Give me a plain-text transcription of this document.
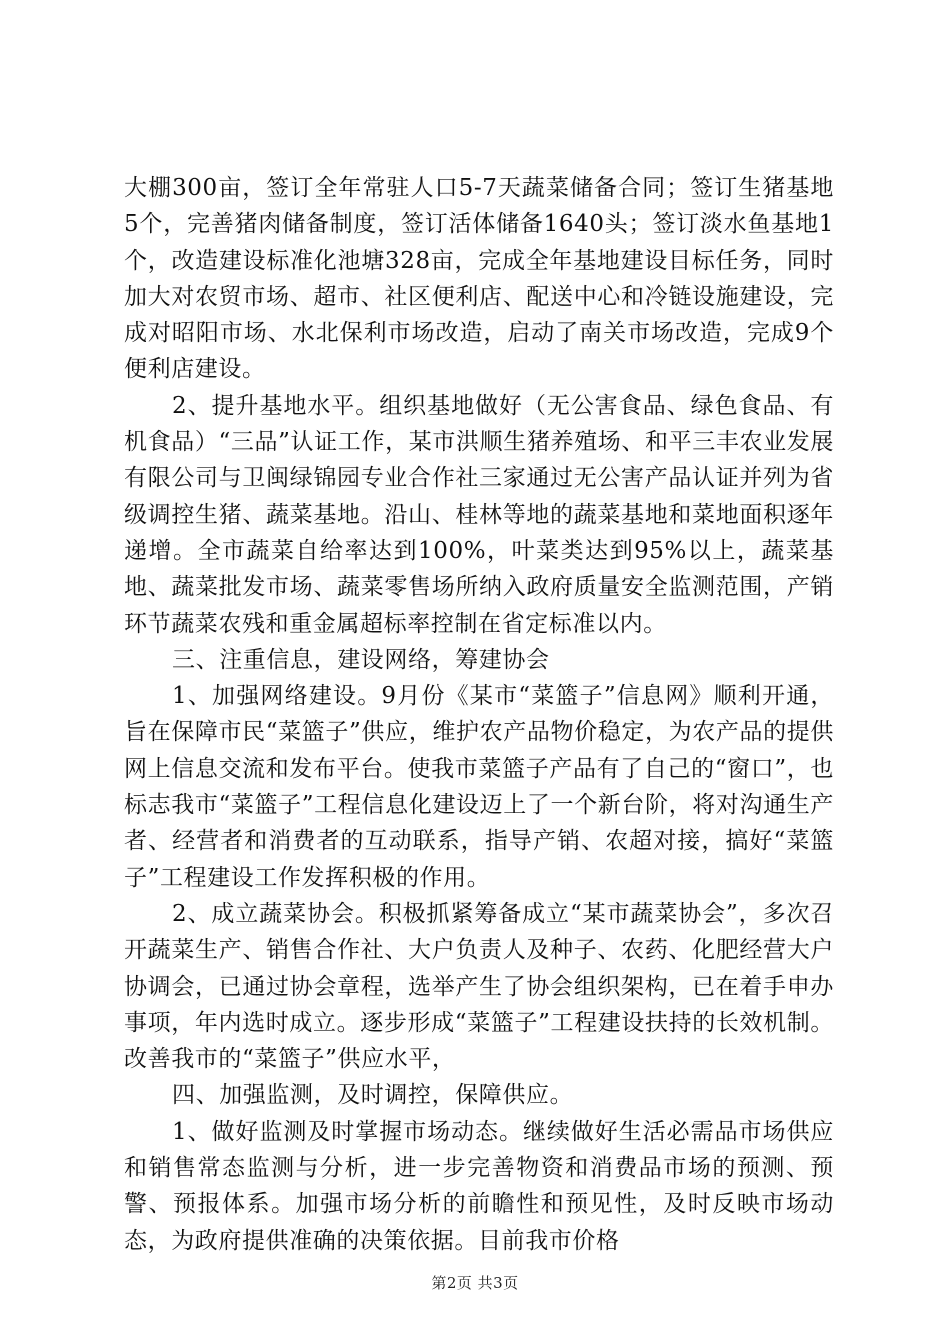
大棚300亩，签订全年常驻人口5-7天蔬菜储备合同；签订生猪基地5个，完善猪肉储备制度，签订活体储备1640头；签订淡水鱼基地1个，改造建设标准化池塘328亩，完成全年基地建设目标任务，同时加大对农贸市场、超市、社区便利店、配送中心和冷链设施建设，完成对昭阳市场、水北保利市场改造，启动了南关市场改造，完成9个便利店建设。

2、提升基地水平。组织基地做好（无公害食品、绿色食品、有机食品）“三品”认证工作，某市洪顺生猪养殖场、和平三丰农业发展有限公司与卫闽绿锦园专业合作社三家通过无公害产品认证并列为省级调控生猪、蔬菜基地。沿山、桂林等地的蔬菜基地和菜地面积逐年递增。全市蔬菜自给率达到100%，叶菜类达到95%以上，蔬菜基地、蔬菜批发市场、蔬菜零售场所纳入政府质量安全监测范围，产销环节蔬菜农残和重金属超标率控制在省定标准以内。

三、注重信息，建设网络，筹建协会

1、加强网络建设。9月份《某市“菜篮子”信息网》顺利开通，旨在保障市民“菜篮子”供应，维护农产品物价稳定，为农产品的提供网上信息交流和发布平台。使我市菜篮子产品有了自己的“窗口”，也标志我市“菜篮子”工程信息化建设迈上了一个新台阶，将对沟通生产者、经营者和消费者的互动联系，指导产销、农超对接，搞好“菜篮子”工程建设工作发挥积极的作用。

2、成立蔬菜协会。积极抓紧筹备成立“某市蔬菜协会”，多次召开蔬菜生产、销售合作社、大户负责人及种子、农药、化肥经营大户协调会，已通过协会章程，选举产生了协会组织架构，已在着手申办事项，年内选时成立。逐步形成“菜篮子”工程建设扶持的长效机制。改善我市的“菜篮子”供应水平，

四、加强监测，及时调控，保障供应。

1、做好监测及时掌握市场动态。继续做好生活必需品市场供应和销售常态监测与分析，进一步完善物资和消费品市场的预测、预警、预报体系。加强市场分析的前瞻性和预见性，及时反映市场动态，为政府提供准确的决策依据。目前我市价格

第2页 共3页
